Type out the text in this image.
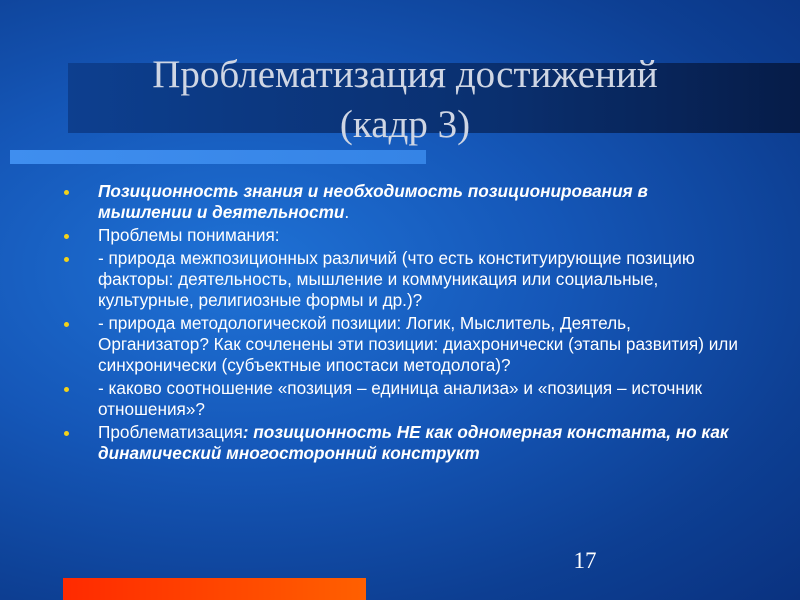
Проблематизация достижений
(кадр 3)
Позиционность знания и необходимость позиционирования в мышлении и деятельности.
Проблемы понимания:
- природа межпозиционных различий (что есть конституирующие позицию факторы: деятельность, мышление и коммуникация или социальные, культурные, религиозные формы и др.)?
- природа методологической позиции: Логик, Мыслитель, Деятель, Организатор? Как сочленены эти позиции: диахронически (этапы развития) или синхронически (субъектные ипостаси методолога)?
- каково соотношение «позиция – единица анализа» и «позиция – источник отношения»?
Проблематизация: позиционность НЕ как одномерная константа, но как динамический многосторонний конструкт
17
